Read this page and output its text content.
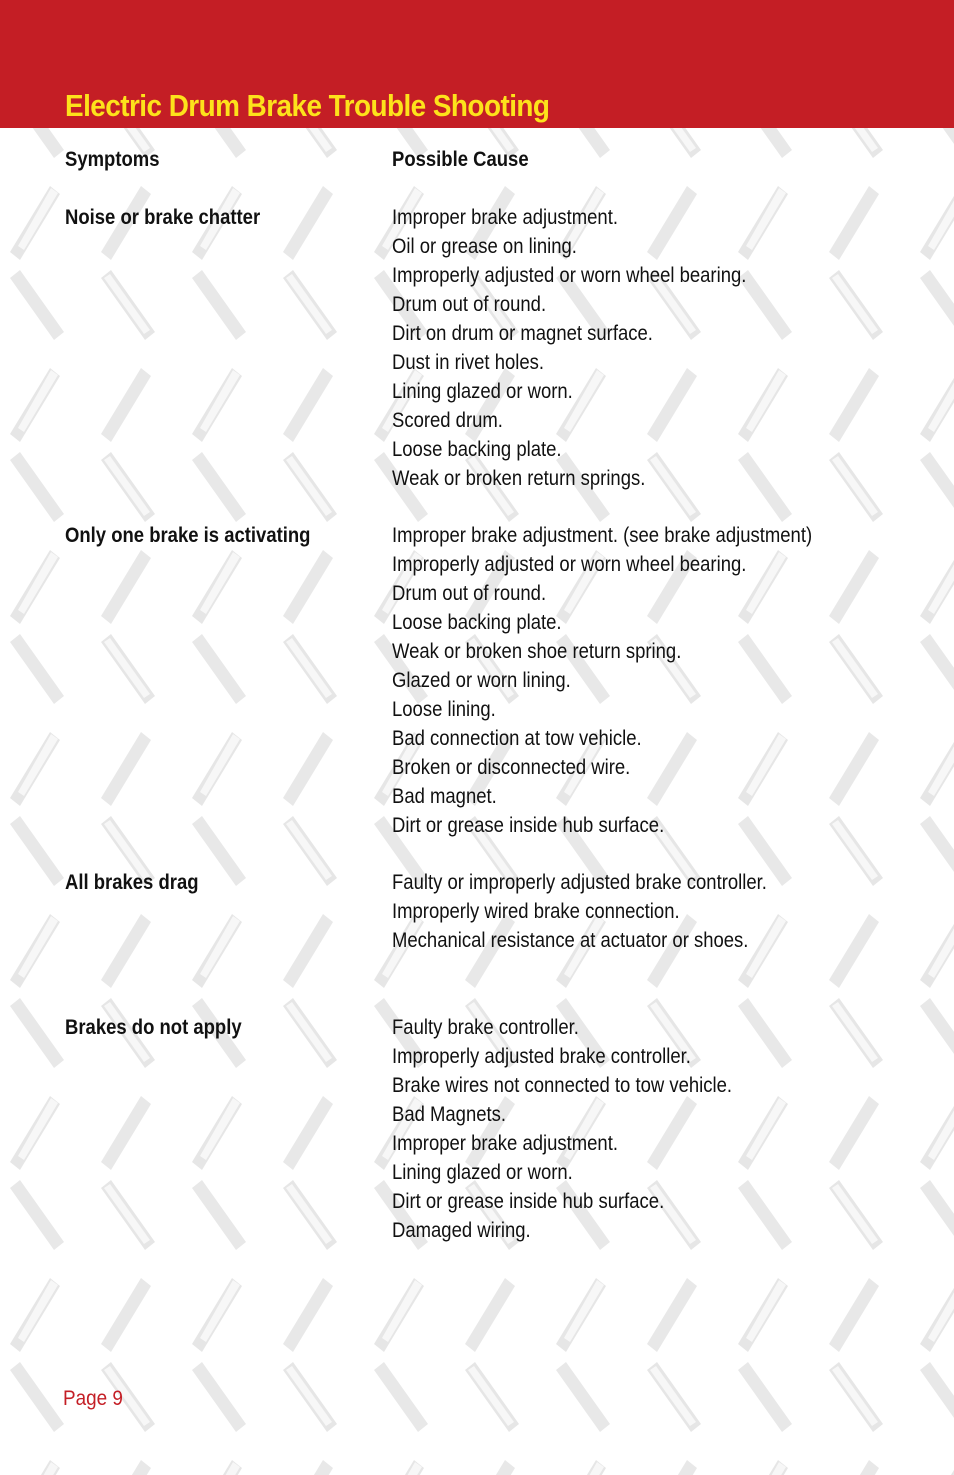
Electric Drum Brake Trouble Shooting
Symptoms	Possible Cause
Noise or brake chatter	Improper brake adjustment.
Oil or grease on lining.
Improperly adjusted or worn wheel bearing.
Drum out of round.
Dirt on drum or magnet surface.
Dust in rivet holes.
Lining glazed or worn.
Scored drum.
Loose backing plate.
Weak or broken return springs.
Only one brake is activating	Improper brake adjustment. (see brake adjustment)
Improperly adjusted or worn wheel bearing.
Drum out of round.
Loose backing plate.
Weak or broken shoe return spring.
Glazed or worn lining.
Loose lining.
Bad connection at tow vehicle.
Broken or disconnected wire.
Bad magnet.
Dirt or grease inside hub surface.
All brakes drag	Faulty or improperly adjusted brake controller.
Improperly wired brake connection.
Mechanical resistance at actuator or shoes.
Brakes do not apply	Faulty brake controller.
Improperly adjusted brake controller.
Brake wires not connected to tow vehicle.
Bad Magnets.
Improper brake adjustment.
Lining glazed or worn.
Dirt or grease inside hub surface.
Damaged wiring.
Page 9
